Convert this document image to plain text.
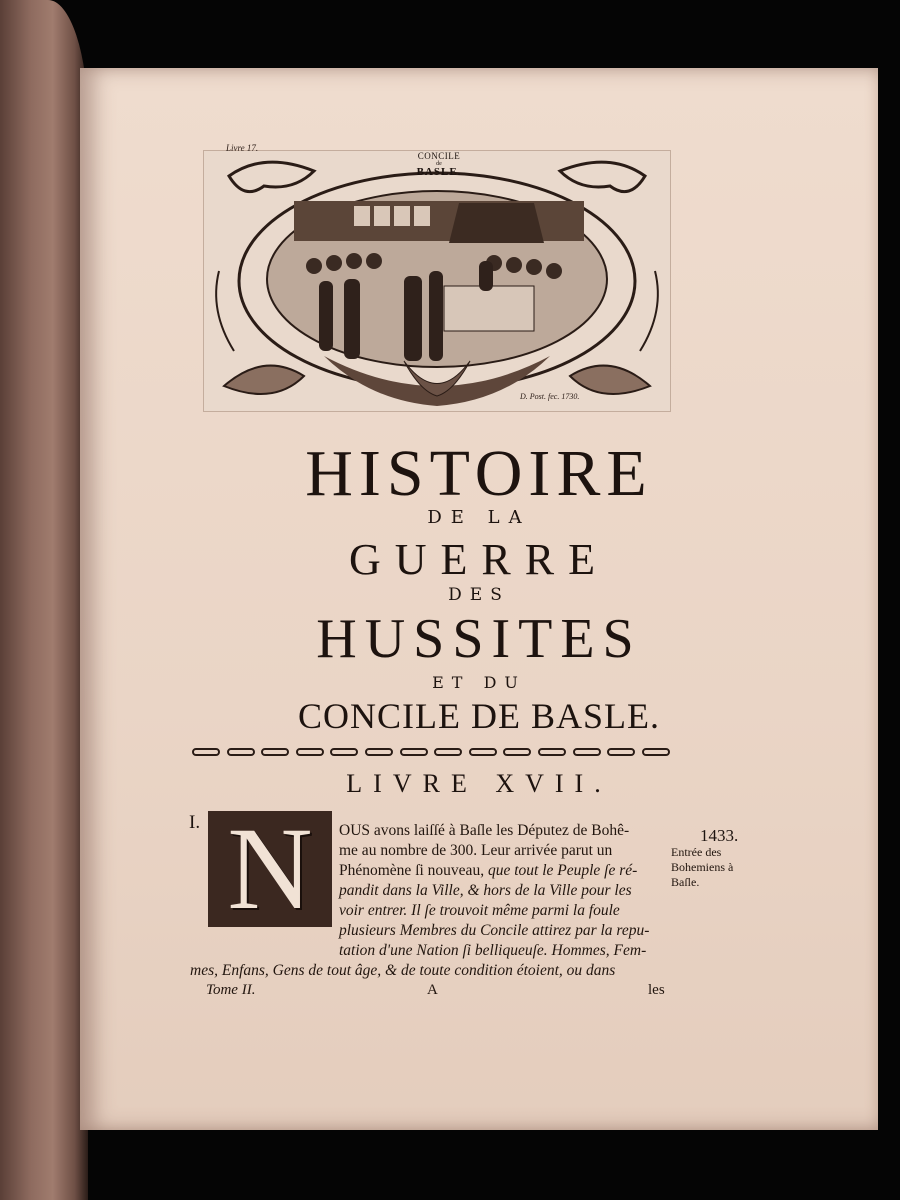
CONCILE
de
BASLE.
Livre 17.
D. Post. fec. 1730.
HISTOIRE
DE LA
GUERRE
DES
HUSSITES
ET DU
CONCILE DE BASLE.
LIVRE XVII.
I. N	OUS avons laiſſé à Baſle les Députez de Bohê-
me au nombre de 300. Leur arrivée parut un
Phénomène ſi nouveau, que tout le Peuple ſe ré-
pandit dans la Ville, & hors de la Ville pour les
voir entrer. Il ſe trouvoit même parmi la foule
plusieurs Membres du Concile attirez par la repu-
tation d'une Nation ſi belliqueuſe. Hommes, Fem-
mes, Enfans, Gens de tout âge, & de toute condition étoient, ou dans
1433.
Entrée des
Bohemiens à
Baſle.
Tome II.	A	les
